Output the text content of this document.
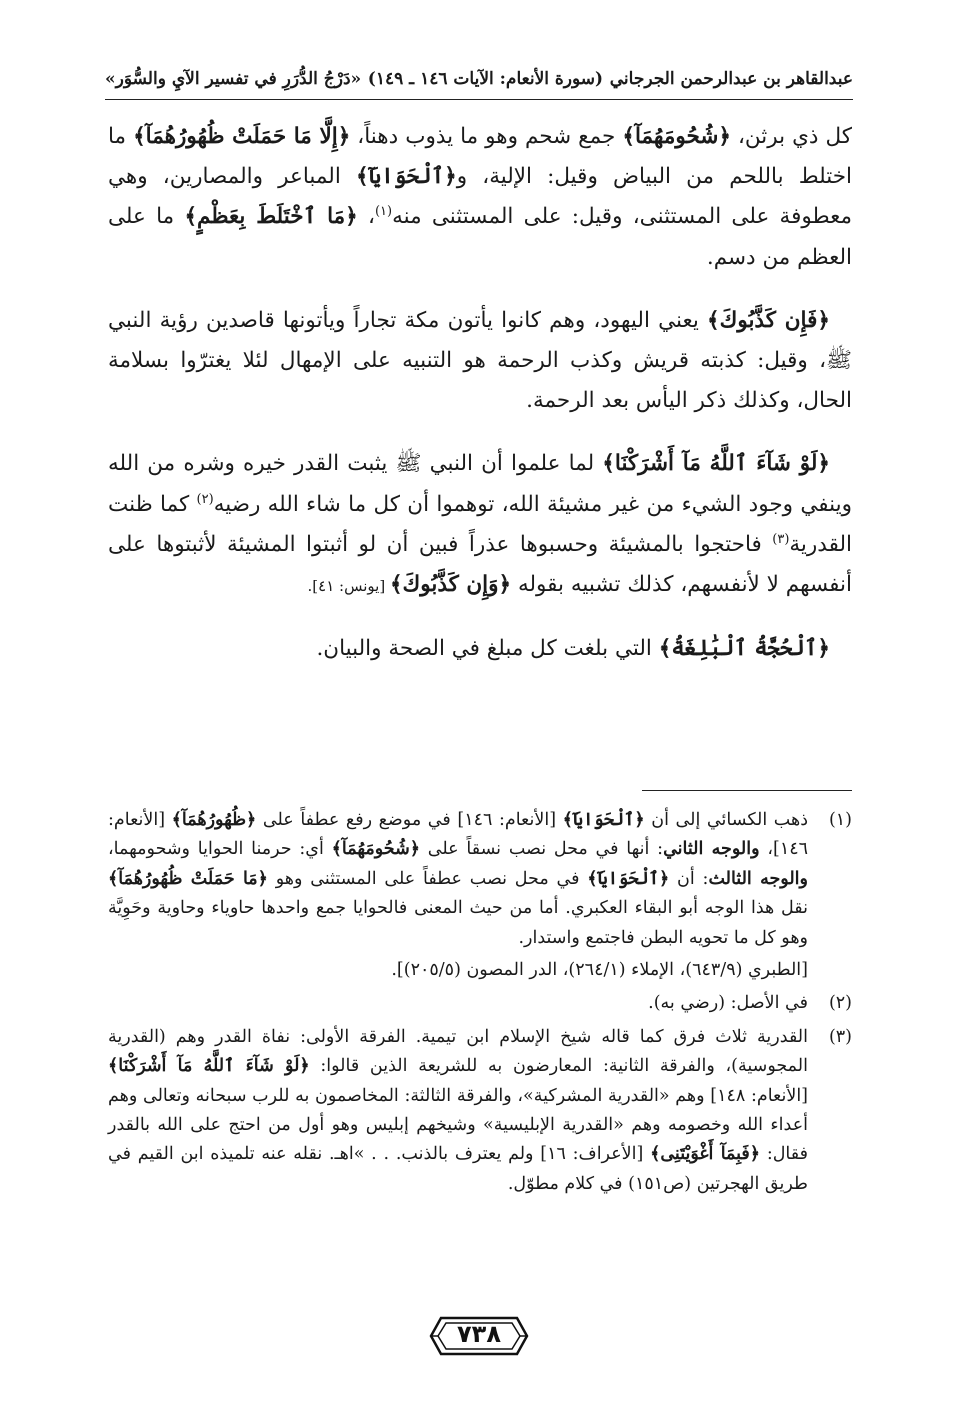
عبدالقاهر بن عبدالرحمن الجرجاني
(سورة الأنعام: الآيات ١٤٦ ـ ١٤٩)
«دَرْجُ الدُّرَرِ في تفسير الآيِ والسُّوَر»

كل ذي برثن، ﴿شُحُومَهُمَآ﴾ جمع شحم وهو ما يذوب دهناً، ﴿إِلَّا مَا حَمَلَتْ ظُهُورُهُمَآ﴾ ما اختلط باللحم من البياض وقيل: الإلية، و﴿ٱلْحَوَايَآ﴾ المباعر والمصارين، وهي معطوفة على المستثنى، وقيل: على المستثنى منه$^{(١)}$، ﴿مَا ٱخْتَلَطَ بِعَظْمٍ﴾ ما على العظم من دسم.

﴿فَإِن كَذَّبُوكَ﴾ يعني اليهود، وهم كانوا يأتون مكة تجاراً ويأتونها قاصدين رؤية النبي ﷺ، وقيل: كذبته قريش وكذب الرحمة هو التنبيه على الإمهال لئلا يغترّوا بسلامة الحال، وكذلك ذكر اليأس بعد الرحمة.

﴿لَوْ شَآءَ ٱللَّهُ مَآ أَشْرَكْنَا﴾ لما علموا أن النبي ﷺ يثبت القدر خيره وشره من الله وينفي وجود الشيء من غير مشيئة الله، توهموا أن كل ما شاء الله رضيه$^{(٢)}$ كما ظنت القدرية$^{(٣)}$ فاحتجوا بالمشيئة وحسبوها عذراً فبين أن لو أثبتوا المشيئة لأثبتوها على أنفسهم لا لأنفسهم، كذلك تشبيه بقوله ﴿وَإِن كَذَّبُوكَ﴾ [يونس: ٤١].

﴿ٱلْحُجَّةُ ٱلْبَٰلِغَةُ﴾ التي بلغت كل مبلغ في الصحة والبيان.

(١)

ذهب الكسائي إلى أن ﴿ٱلْحَوَايَآ﴾ [الأنعام: ١٤٦] في موضع رفع عطفاً على ﴿ظُهُورُهُمَآ﴾ [الأنعام: ١٤٦]، والوجه الثاني: أنها في محل نصب نسقاً على ﴿شُحُومَهُمَآ﴾ أي: حرمنا الحوايا وشحومهما، والوجه الثالث: أن ﴿ٱلْحَوَايَآ﴾ في محل نصب عطفاً على المستثنى وهو ﴿مَا حَمَلَتْ ظُهُورُهُمَآ﴾ نقل هذا الوجه أبو البقاء العكبري. أما من حيث المعنى فالحوايا جمع واحدها حاوياء وحاوية وحَوِيَّة وهو كل ما تحويه البطن فاجتمع واستدار.

[الطبري (٦٤٣/٩)، الإملاء (٢٦٤/١)، الدر المصون (٢٠٥/٥)].

(٢)
في الأصل: (رضي به).
(٣)

القدرية ثلاث فرق كما قاله شيخ الإسلام ابن تيمية. الفرقة الأولى: نفاة القدر وهم (القدرية المجوسية)، والفرقة الثانية: المعارضون به للشريعة الذين قالوا: ﴿لَوْ شَآءَ ٱللَّهُ مَآ أَشْرَكْنَا﴾ [الأنعام: ١٤٨] وهم «القدرية المشركية»، والفرقة الثالثة: المخاصمون به للرب سبحانه وتعالى وهم أعداء الله وخصومه وهم «القدرية الإبليسية» وشيخهم إبليس وهو أول من احتج على الله بالقدر فقال: ﴿فَبِمَآ أَغْوَيْتَنِى﴾ [الأعراف: ١٦] ولم يعترف بالذنب. . . »اهـ. نقله عنه تلميذه ابن القيم في طريق الهجرتين (ص١٥١) في كلام مطوّل.

٧٣٨
